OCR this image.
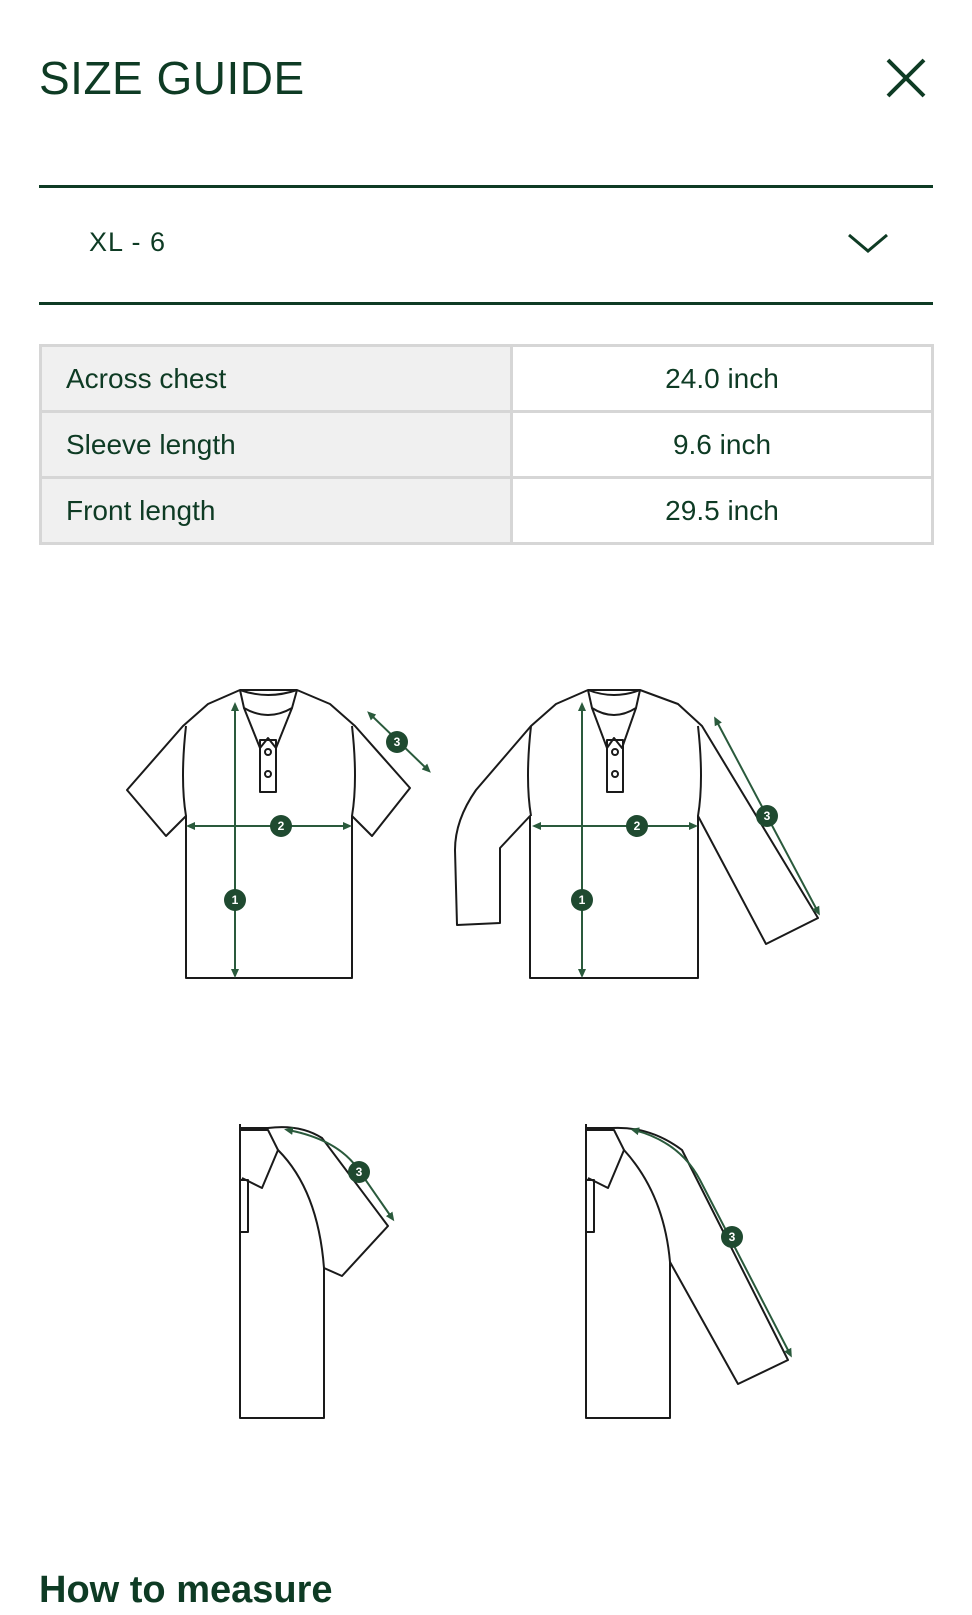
SIZE GUIDE
XL - 6
Across chest	24.0 inch
Sleeve length	9.6 inch
Front length	29.5 inch
1
2
3
1
2
3
3
3
How to measure
